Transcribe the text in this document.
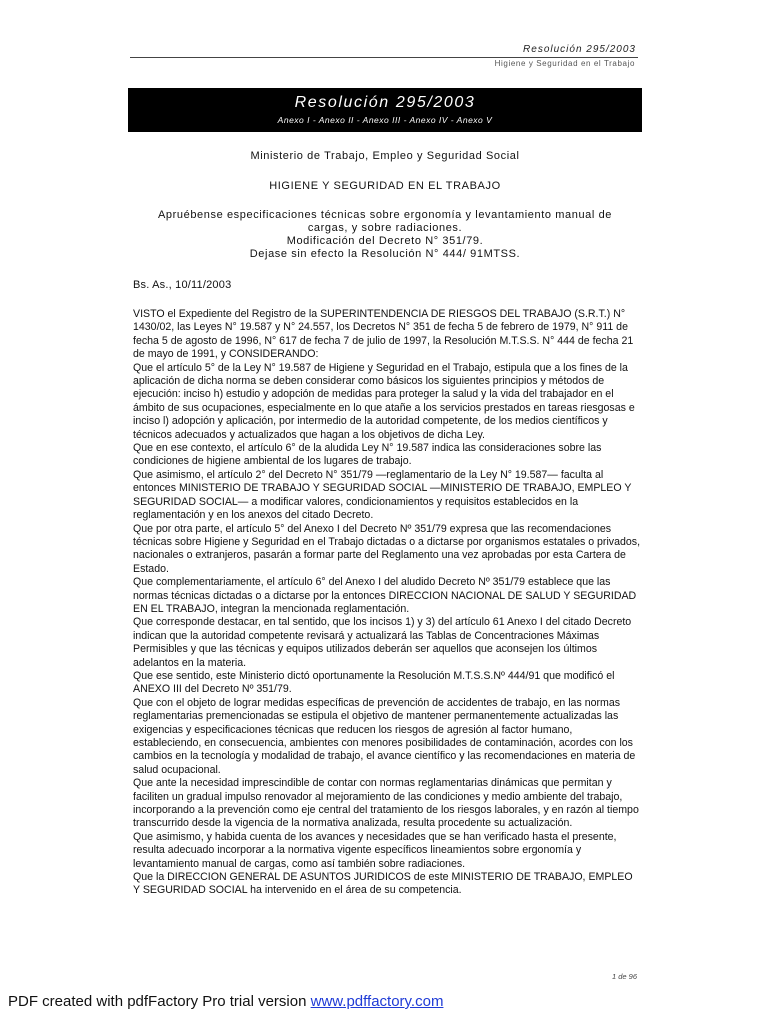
Resolución 295/2003
Higiene y Seguridad en el Trabajo
Resolución 295/2003
Anexo I - Anexo II - Anexo III - Anexo IV - Anexo V
Ministerio de Trabajo, Empleo y Seguridad Social
HIGIENE Y SEGURIDAD EN EL TRABAJO
Apruébense especificaciones técnicas sobre ergonomía y levantamiento manual de
cargas, y sobre radiaciones.
Modificación del Decreto N° 351/79.
Dejase sin efecto la Resolución N° 444/ 91MTSS.
Bs. As., 10/11/2003

VISTO el Expediente del Registro de la SUPERINTENDENCIA DE RIESGOS DEL TRABAJO (S.R.T.) N° 1430/02, las Leyes N° 19.587 y N° 24.557, los Decretos N° 351 de fecha 5 de febrero de 1979, N° 911 de fecha 5 de agosto de 1996, N° 617 de fecha 7 de julio de 1997, la Resolución M.T.S.S. N° 444 de fecha 21 de mayo de 1991, y CONSIDERANDO:

Que el artículo 5° de la Ley N° 19.587 de Higiene y Seguridad en el Trabajo, estipula que a los fines de la aplicación de dicha norma se deben considerar como básicos los siguientes principios y métodos de ejecución: inciso h) estudio y adopción de medidas para proteger la salud y la vida del trabajador en el ámbito de sus ocupaciones, especialmente en lo que atañe a los servicios prestados en tareas riesgosas e inciso l) adopción y aplicación, por intermedio de la autoridad competente, de los medios científicos y técnicos adecuados y actualizados que hagan a los objetivos de dicha Ley.

Que en ese contexto, el artículo 6° de la aludida Ley N° 19.587 indica las consideraciones sobre las condiciones de higiene ambiental de los lugares de trabajo.

Que asimismo, el artículo 2° del Decreto N° 351/79 —reglamentario de la Ley N° 19.587— faculta al entonces MINISTERIO DE TRABAJO Y SEGURIDAD SOCIAL —MINISTERIO DE TRABAJO, EMPLEO Y SEGURIDAD SOCIAL— a modificar valores, condicionamientos y requisitos establecidos en la reglamentación y en los anexos del citado Decreto.

Que por otra parte, el artículo 5° del Anexo I del Decreto Nº 351/79 expresa que las recomendaciones técnicas sobre Higiene y Seguridad en el Trabajo dictadas o a dictarse por organismos estatales o privados, nacionales o extranjeros, pasarán a formar parte del Reglamento una vez aprobadas por esta Cartera de Estado.

Que complementariamente, el artículo 6° del Anexo I del aludido Decreto Nº 351/79 establece que las normas técnicas dictadas o a dictarse por la entonces DIRECCION NACIONAL DE SALUD Y SEGURIDAD EN EL TRABAJO, integran la mencionada reglamentación.

Que corresponde destacar, en tal sentido, que los incisos 1) y 3) del artículo 61 Anexo I del citado Decreto indican que la autoridad competente revisará y actualizará las Tablas de Concentraciones Máximas Permisibles y que las técnicas y equipos utilizados deberán ser aquellos que aconsejen los últimos adelantos en la materia.

Que ese sentido, este Ministerio dictó oportunamente la Resolución M.T.S.S.Nº 444/91 que modificó el ANEXO III del Decreto Nº 351/79.

Que con el objeto de lograr medidas específicas de prevención de accidentes de trabajo, en las normas reglamentarias premencionadas se estipula el objetivo de mantener permanentemente actualizadas las exigencias y especificaciones técnicas que reducen los riesgos de agresión al factor humano, estableciendo, en consecuencia, ambientes con menores posibilidades de contaminación, acordes con los cambios en la tecnología y modalidad de trabajo, el avance científico y las recomendaciones en materia de salud ocupacional.

Que ante la necesidad imprescindible de contar con normas reglamentarias dinámicas que permitan y faciliten un gradual impulso renovador al mejoramiento de las condiciones y medio ambiente del trabajo, incorporando a la prevención como eje central del tratamiento de los riesgos laborales, y en razón al tiempo transcurrido desde la vigencia de la normativa analizada, resulta procedente su actualización.

Que asimismo, y habida cuenta de los avances y necesidades que se han verificado hasta el presente, resulta adecuado incorporar a la normativa vigente específicos lineamientos sobre ergonomía y levantamiento manual de cargas, como así también sobre radiaciones.

Que la DIRECCION GENERAL DE ASUNTOS JURIDICOS de este MINISTERIO DE TRABAJO, EMPLEO Y SEGURIDAD SOCIAL ha intervenido en el área de su competencia.

1 de 96
PDF created with pdfFactory Pro trial version www.pdffactory.com
